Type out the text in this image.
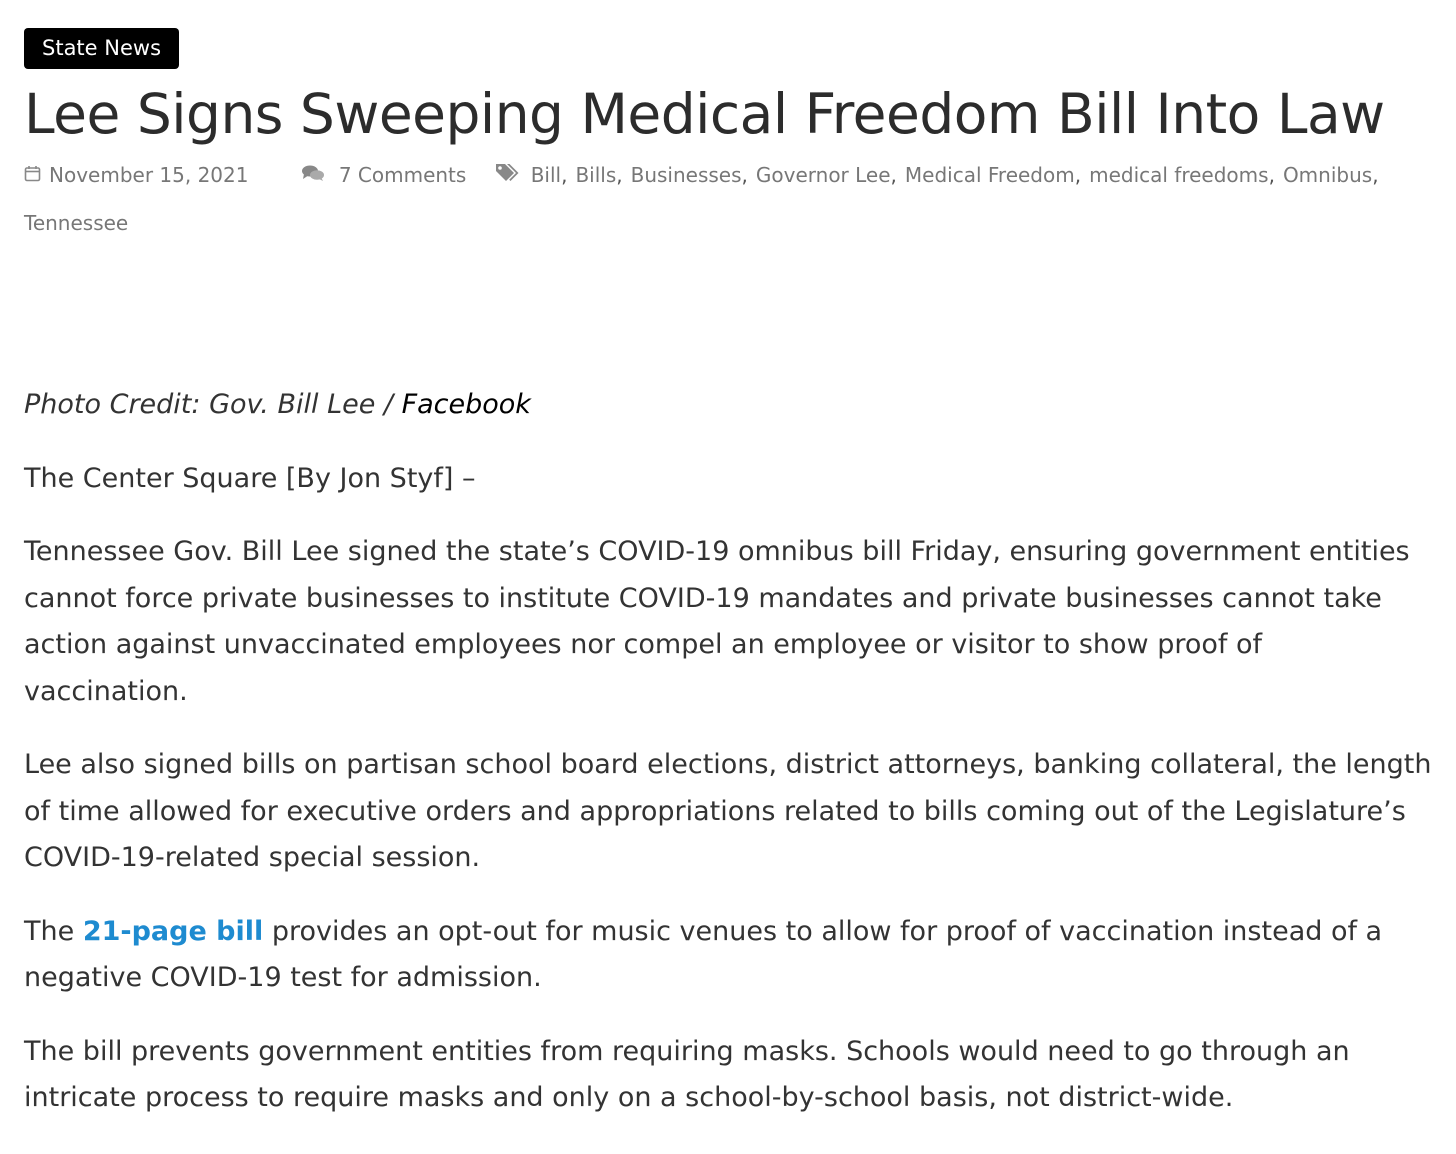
State News
Lee Signs Sweeping Medical Freedom Bill Into Law
November 15, 2021	7 Comments	Bill, Bills, Businesses, Governor Lee, Medical Freedom, medical freedoms, Omnibus,
Tennessee

Photo Credit: Gov. Bill Lee / Facebook

The Center Square [By Jon Styf] –

Tennessee Gov. Bill Lee signed the state’s COVID-19 omnibus bill Friday, ensuring government entities cannot force private businesses to institute COVID-19 mandates and private businesses cannot take action against unvaccinated employees nor compel an employee or visitor to show proof of vaccination.

Lee also signed bills on partisan school board elections, district attorneys, banking collateral, the length of time allowed for executive orders and appropriations related to bills coming out of the Legislature’s COVID-19-related special session.

The 21-page bill provides an opt-out for music venues to allow for proof of vaccination instead of a negative COVID-19 test for admission.

The bill prevents government entities from requiring masks. Schools would need to go through an intricate process to require masks and only on a school-by-school basis, not district-wide.
